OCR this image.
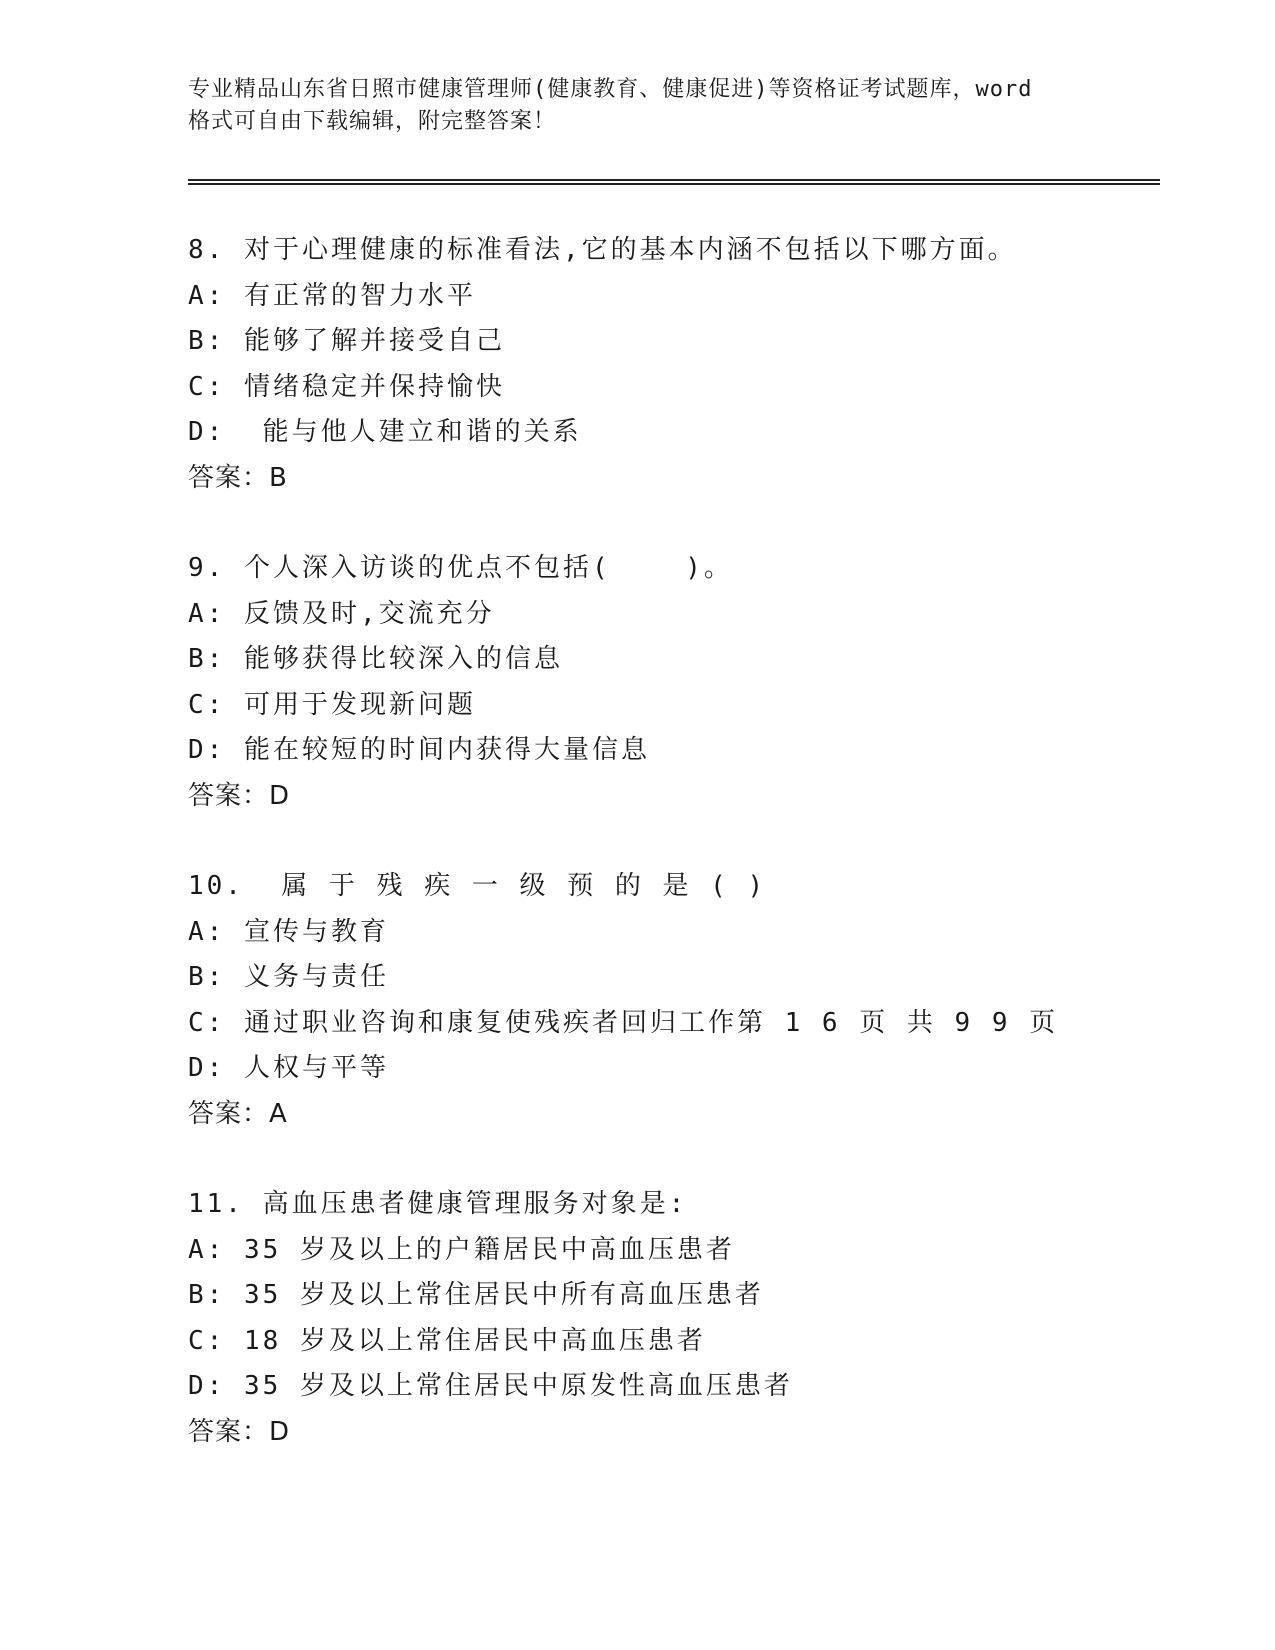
专业精品山东省日照市健康管理师(健康教育、健康促进)等资格证考试题库，word
格式可自由下载编辑，附完整答案！
8. 对于心理健康的标准看法,它的基本内涵不包括以下哪方面。
A: 有正常的智力水平
B: 能够了解并接受自己
C: 情绪稳定并保持愉快
D:  能与他人建立和谐的关系
答案：B
9. 个人深入访谈的优点不包括(    )。
A: 反馈及时,交流充分
B: 能够获得比较深入的信息
C: 可用于发现新问题
D: 能在较短的时间内获得大量信息
答案：D
10.  属 于 残 疾 一 级 预 的 是 ( )
A: 宣传与教育
B: 义务与责任
C: 通过职业咨询和康复使残疾者回归工作第 1 6 页 共 9 9 页
D: 人权与平等
答案：A
11. 高血压患者健康管理服务对象是:
A: 35 岁及以上的户籍居民中高血压患者
B: 35 岁及以上常住居民中所有高血压患者
C: 18 岁及以上常住居民中高血压患者
D: 35 岁及以上常住居民中原发性高血压患者
答案：D
